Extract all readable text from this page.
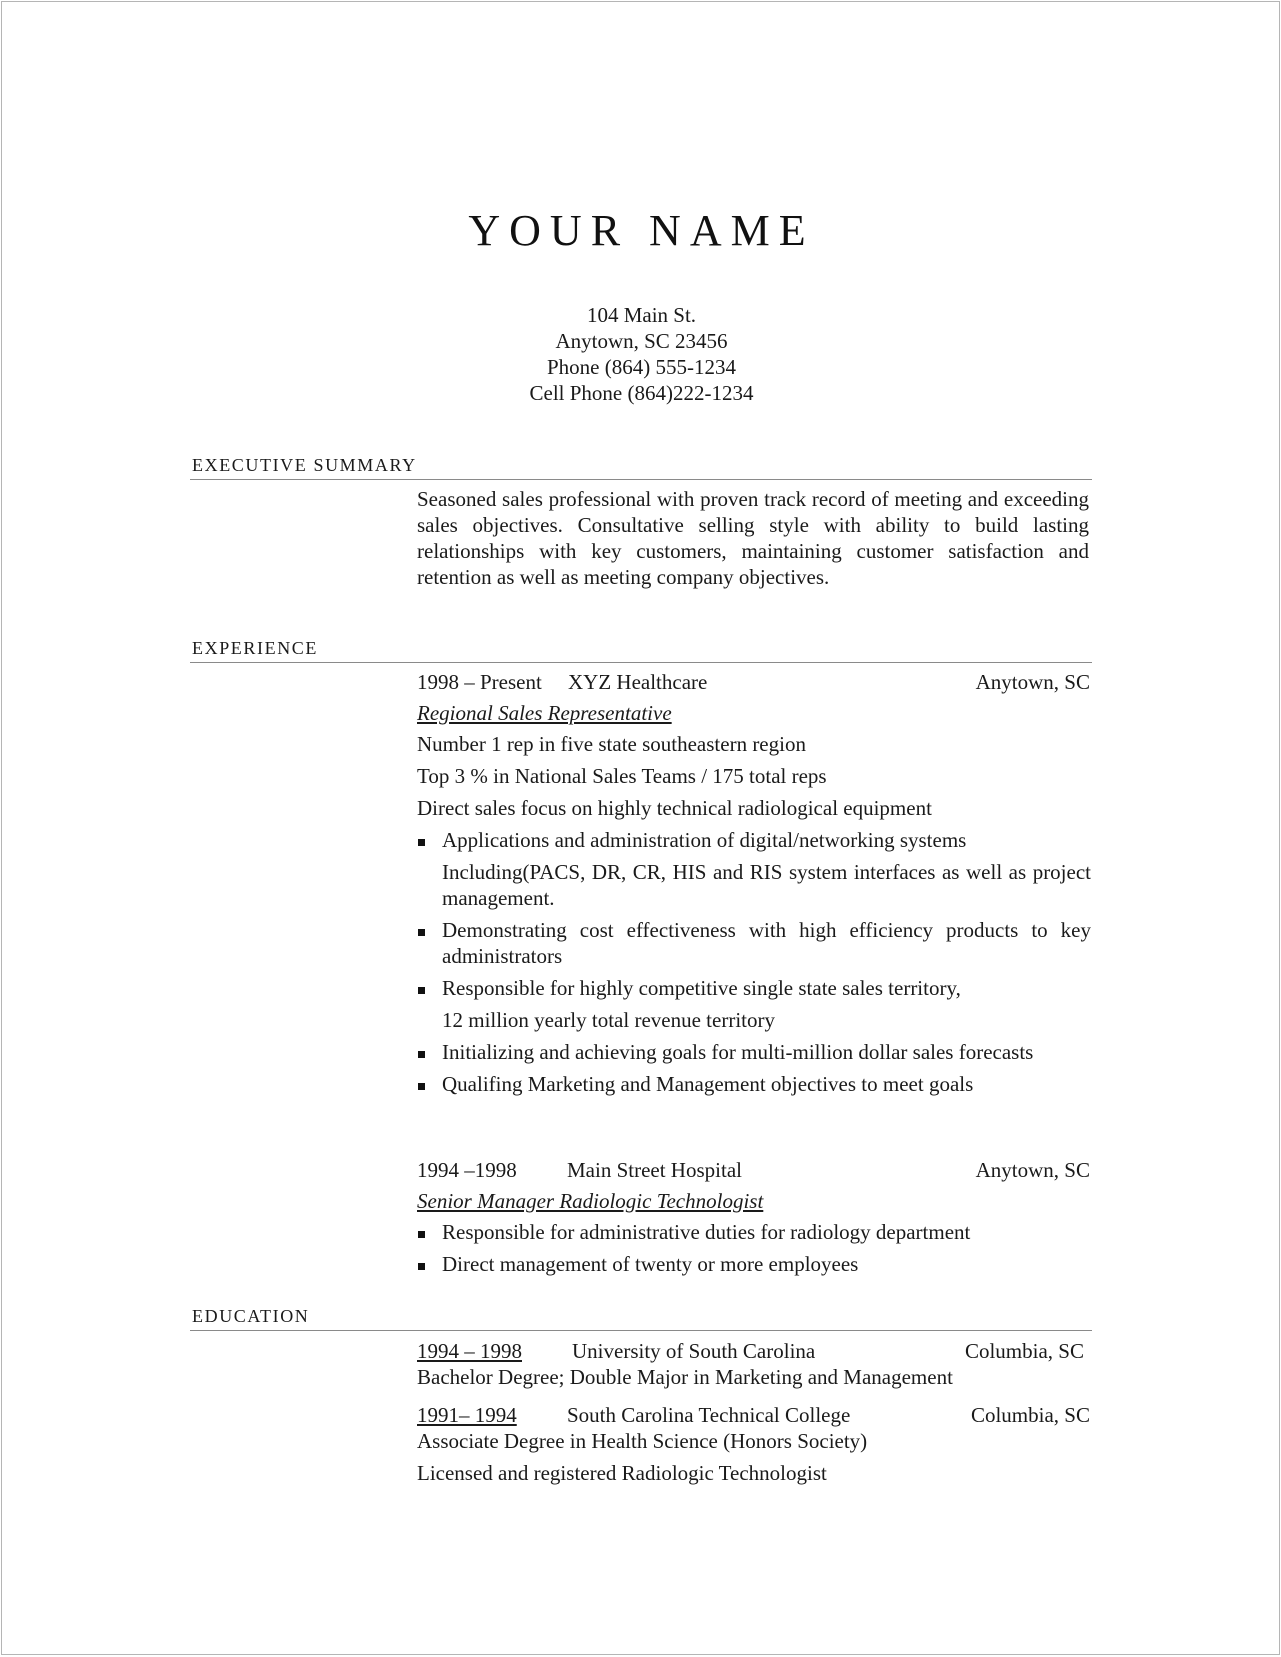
YOUR NAME
104 Main St.
Anytown, SC 23456
Phone (864) 555-1234
Cell Phone (864)222-1234
EXECUTIVE SUMMARY
Seasoned sales professional with proven track record of meeting and exceeding sales objectives. Consultative selling style with ability to build lasting relationships with key customers, maintaining customer satisfaction and retention as well as meeting company objectives.
EXPERIENCE
1998 – Present XYZ Healthcare	Anytown, SC
Regional Sales Representative
Number 1 rep in five state southeastern region
Top 3 % in National Sales Teams / 175 total reps
Direct sales focus on highly technical radiological equipment
Applications and administration of digital/networking systems
Including(PACS, DR, CR, HIS and RIS system interfaces as well as project management.
Demonstrating cost effectiveness with high efficiency products to key administrators
Responsible for highly competitive single state sales territory,
12 million yearly total revenue territory
Initializing and achieving goals for multi-million dollar sales forecasts
Qualifing Marketing and Management objectives to meet goals
1994 –1998 Main Street Hospital	Anytown, SC
Senior Manager Radiologic Technologist
Responsible for administrative duties for radiology department
Direct management of twenty or more employees
EDUCATION
1994 – 1998 University of South Carolina	Columbia, SC
Bachelor Degree; Double Major in Marketing and Management
1991– 1994 South Carolina Technical College	Columbia, SC
Associate Degree in Health Science (Honors Society)
Licensed and registered Radiologic Technologist
